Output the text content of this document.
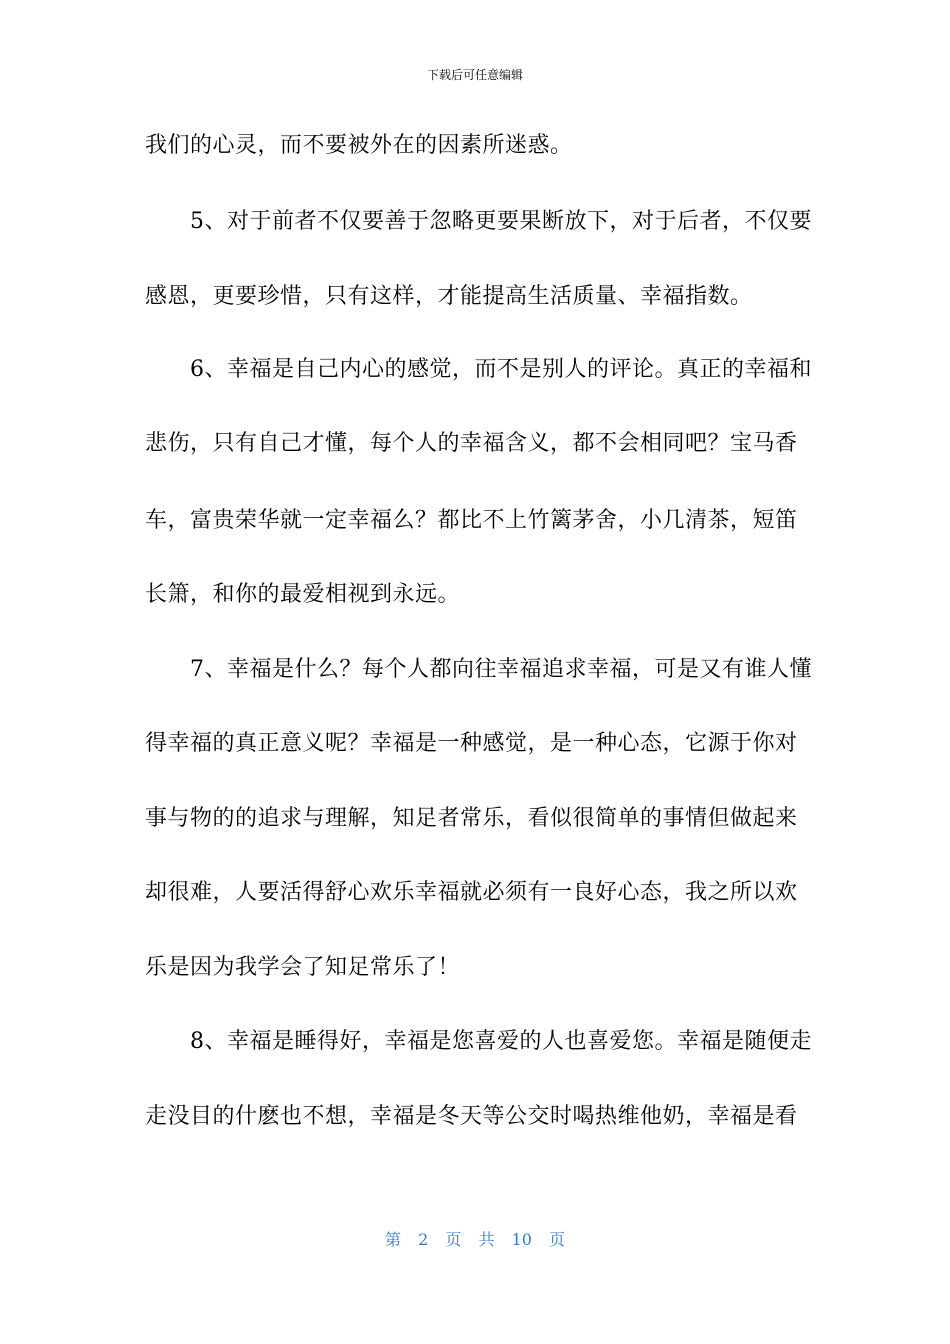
下载后可任意编辑
我们的心灵，而不要被外在的因素所迷惑。
5、对于前者不仅要善于忽略更要果断放下，对于后者，不仅要
感恩，更要珍惜，只有这样，才能提高生活质量、幸福指数。
6、幸福是自己内心的感觉，而不是别人的评论。真正的幸福和
悲伤，只有自己才懂，每个人的幸福含义，都不会相同吧？宝马香
车，富贵荣华就一定幸福么？都比不上竹篱茅舍，小几清茶，短笛
长箫，和你的最爱相视到永远。
7、幸福是什么？每个人都向往幸福追求幸福，可是又有谁人懂
得幸福的真正意义呢？幸福是一种感觉，是一种心态，它源于你对
事与物的的追求与理解，知足者常乐，看似很简单的事情但做起来
却很难，人要活得舒心欢乐幸福就必须有一良好心态，我之所以欢
乐是因为我学会了知足常乐了！
8、幸福是睡得好，幸福是您喜爱的人也喜爱您。幸福是随便走
走没目的什麽也不想，幸福是冬天等公交时喝热维他奶，幸福是看
第 2 页 共 10 页
